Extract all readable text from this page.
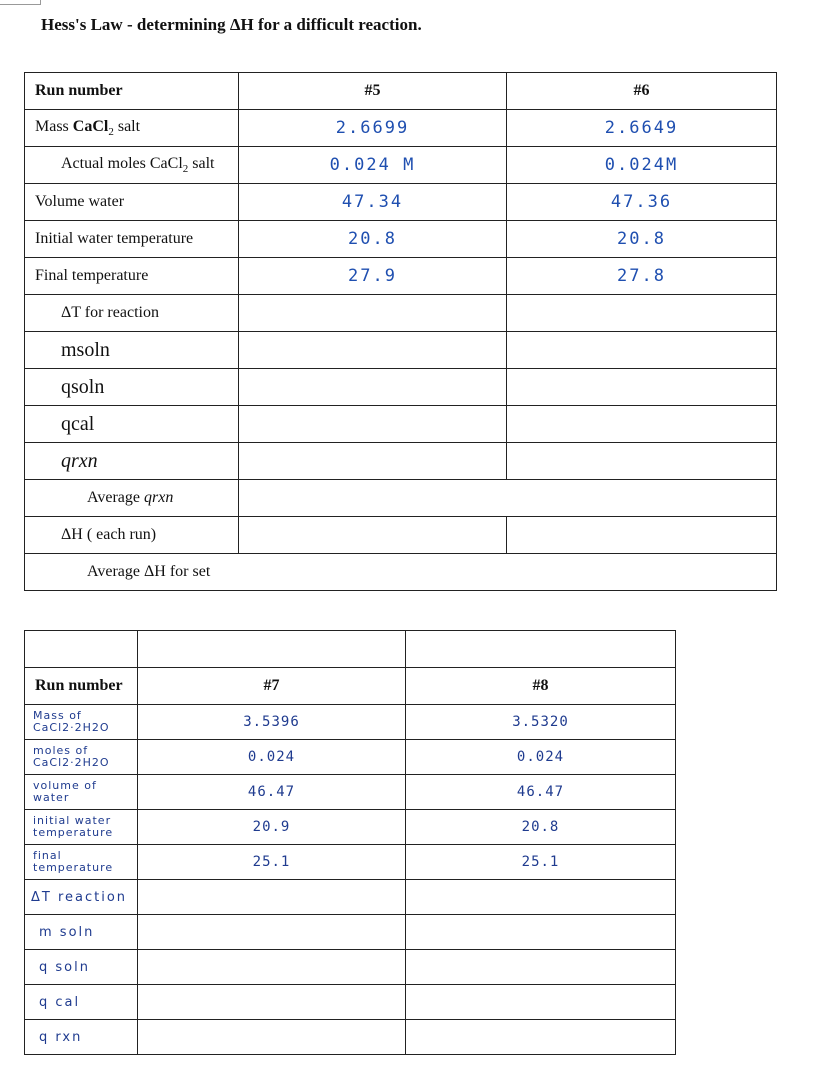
Hess's Law - determining ΔH for a difficult reaction.
Run number	#5	#6
Mass CaCl$_2$ salt	2.6699	2.6649
Actual moles CaCl$_2$ salt	0.024 M	0.024M
Volume water	47.34	47.36
Initial water temperature	20.8	20.8
Final temperature	27.9	27.8
ΔT for reaction		
msoln		
qsoln		
qcal		
qrxn		
Average qrxn		
ΔH ( each run)		
Average ΔH for set		

Run number	#7	#8
Mass of CaCl2·2H2O	3.5396	3.5320
moles of CaCl2·2H2O	0.024	0.024
volume of water	46.47	46.47
initial water temperature	20.9	20.8
final temperature	25.1	25.1
ΔT reaction		
m soln		
q soln		
q cal		
q rxn		
